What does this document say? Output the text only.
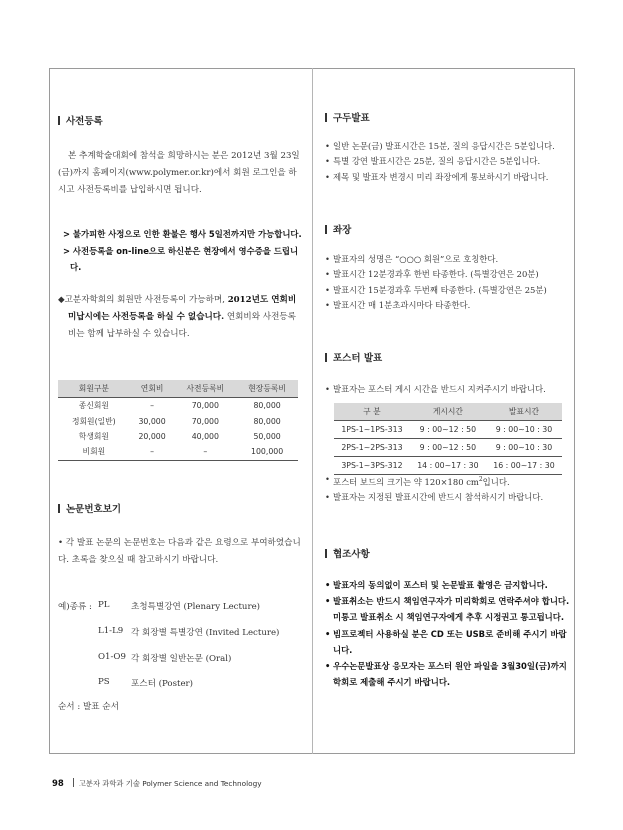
사전등록
본 추계학술대회에 참석을 희망하시는 분은 2012년 3월 23일(금)까지 홈페이지(www.polymer.or.kr)에서 회원 로그인을 하시고 사전등록비를 납입하시면 됩니다.
> 불가피한 사정으로 인한 환불은 행사 5일전까지만 가능합니다.
> 사전등록을 on-line으로 하신분은 현장에서 영수증을 드립니다.
◆고분자학회의 회원만 사전등록이 가능하며, 2012년도 연회비 미납시에는 사전등록을 하실 수 없습니다. 연회비와 사전등록비는 함께 납부하실 수 있습니다.
회원구분	연회비	사전등록비	현장등록비
종신회원	–	70,000	80,000
정회원(일반)	30,000	70,000	80,000
학생회원	20,000	40,000	50,000
비회원	–	–	100,000
논문번호보기
• 각 발표 논문의 논문번호는 다음과 같은 요령으로 부여하였습니다. 초록을 찾으실 때 참고하시기 바랍니다.
예)종류 : PL	초청특별강연 (Plenary Lecture)
L1-L9 각 회장별 특별강연 (Invited Lecture)
O1-O9 각 회장별 일반논문 (Oral)
PS 포스터 (Poster)
순서 : 발표 순서
구두발표
• 일반 논문(금) 발표시간은 15분, 질의 응답시간은 5분입니다.
• 특별 강연 발표시간은 25분, 질의 응답시간은 5분입니다.
• 제목 및 발표자 변경시 미리 좌장에게 통보하시기 바랍니다.
좌장
• 발표자의 성명은 “○○○ 회원”으로 호칭한다.
• 발표시간 12분경과후 한번 타종한다. (특별강연은 20분)
• 발표시간 15분경과후 두번째 타종한다. (특별강연은 25분)
• 발표시간 매 1분초과시마다 타종한다.
포스터 발표
• 발표자는 포스터 게시 시간을 반드시 지켜주시기 바랍니다.
구 분	게시시간	발표시간
1PS-1~1PS-313	9 : 00~12 : 50	9 : 00~10 : 30
2PS-1~2PS-313	9 : 00~12 : 50	9 : 00~10 : 30
3PS-1~3PS-312	14 : 00~17 : 30	16 : 00~17 : 30
• 포스터 보드의 크기는 약 120×180 $cm^2$입니다.
• 발표자는 지정된 발표시간에 반드시 참석하시기 바랍니다.
협조사항
• 발표자의 동의없이 포스터 및 논문발표 촬영은 금지합니다.
• 발표취소는 반드시 책임연구자가 미리학회로 연락주셔야 합니다. 미통고 발표취소 시 책임연구자에게 추후 시정권고 통고됩니다.
• 빔프로젝터 사용하실 분은 CD 또는 USB로 준비해 주시기 바랍니다.
• 우수논문발표상 응모자는 포스터 원안 파일을 3월30일(금)까지 학회로 제출해 주시기 바랍니다.
98 고분자 과학과 기술 Polymer Science and Technology
